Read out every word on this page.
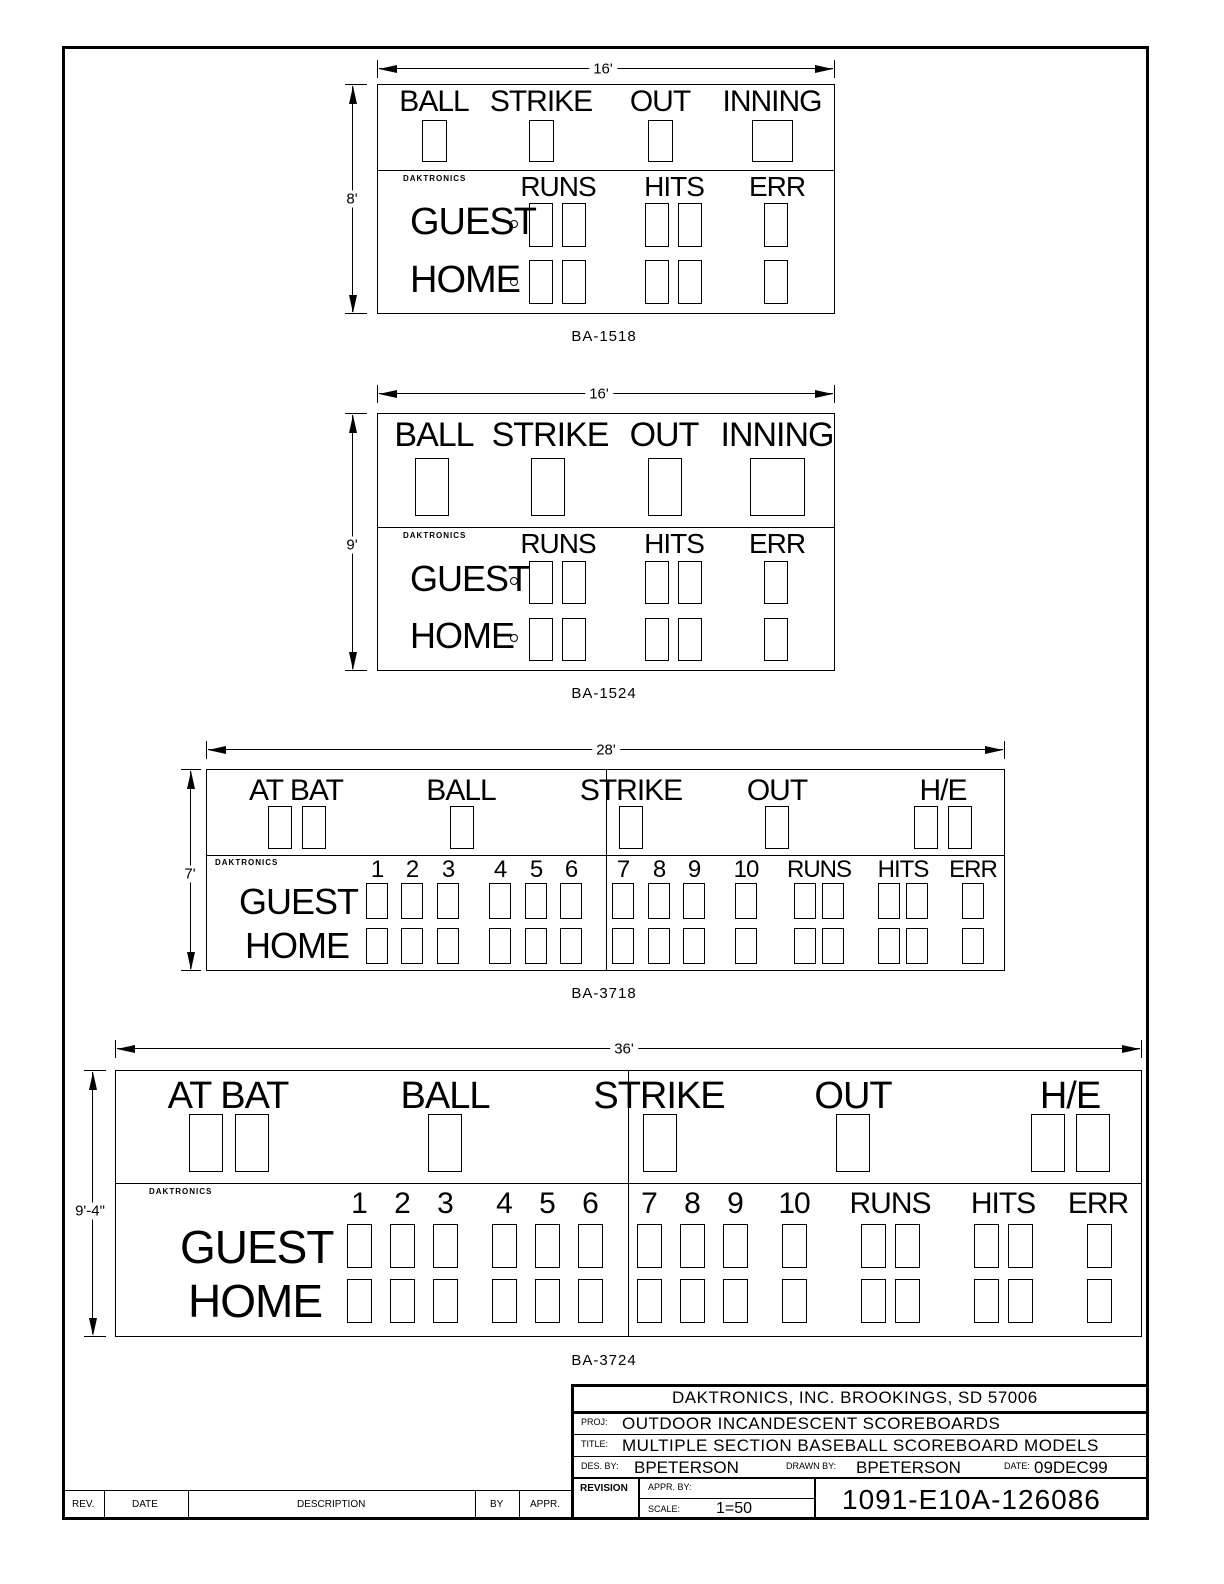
16'
8'
BALL STRIKE OUT INNING
DAKTRONICS RUNS HITS ERR
GUEST
HOME
BA-1518
16'
9'
BALL STRIKE OUT INNING
DAKTRONICS RUNS HITS ERR
GUEST
HOME
BA-1524
28'
7'
AT BAT	BALL	STRIKE OUT	H/E
DAKTRONICS	1 2 3 4 5 6 7 8 9 10 RUNS HITS ERR
GUEST
HOME
BA-3718
36'
9'-4"
AT BAT	BALL	STRIKE OUT	H/E
DAKTRONICS	1 2 3 4 5 6 7 8 9 10 RUNS HITS ERR
GUEST
HOME
BA-3724
REV.	DATE	DESCRIPTION	BY	APPR.
DAKTRONICS, INC. BROOKINGS, SD 57006
PROJ: OUTDOOR INCANDESCENT SCOREBOARDS
TITLE: MULTIPLE SECTION BASEBALL SCOREBOARD MODELS
DES. BY: BPETERSON	DRAWN BY: BPETERSON	DATE: 09DEC99
REVISION APPR. BY:
SCALE: 1=50	1091-E10A-126086
